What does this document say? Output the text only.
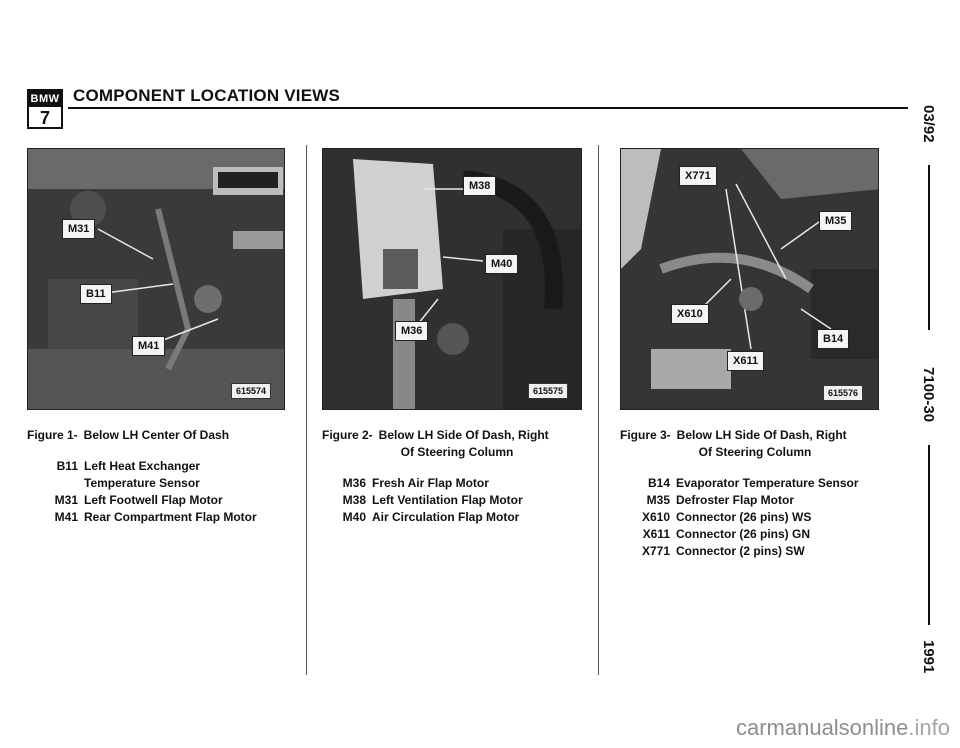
BMW
7
COMPONENT LOCATION VIEWS
M31
B11
M41
615574
M38
M40
M36
615575
X771
M35
X610
B14
X611
615576
Figure 1- Below LH Center Of Dash
B11 Left Heat Exchanger
Temperature Sensor
M31 Left Footwell Flap Motor
M41 Rear Compartment Flap Motor
Figure 2- Below LH Side Of Dash, Right
Of Steering Column
M36 Fresh Air Flap Motor
M38 Left Ventilation Flap Motor
M40 Air Circulation Flap Motor
Figure 3- Below LH Side Of Dash, Right
Of Steering Column
B14 Evaporator Temperature Sensor
M35 Defroster Flap Motor
X610 Connector (26 pins) WS
X611 Connector (26 pins) GN
X771 Connector (2 pins) SW
03/92
7100-30
1991
carmanualsonline.info
